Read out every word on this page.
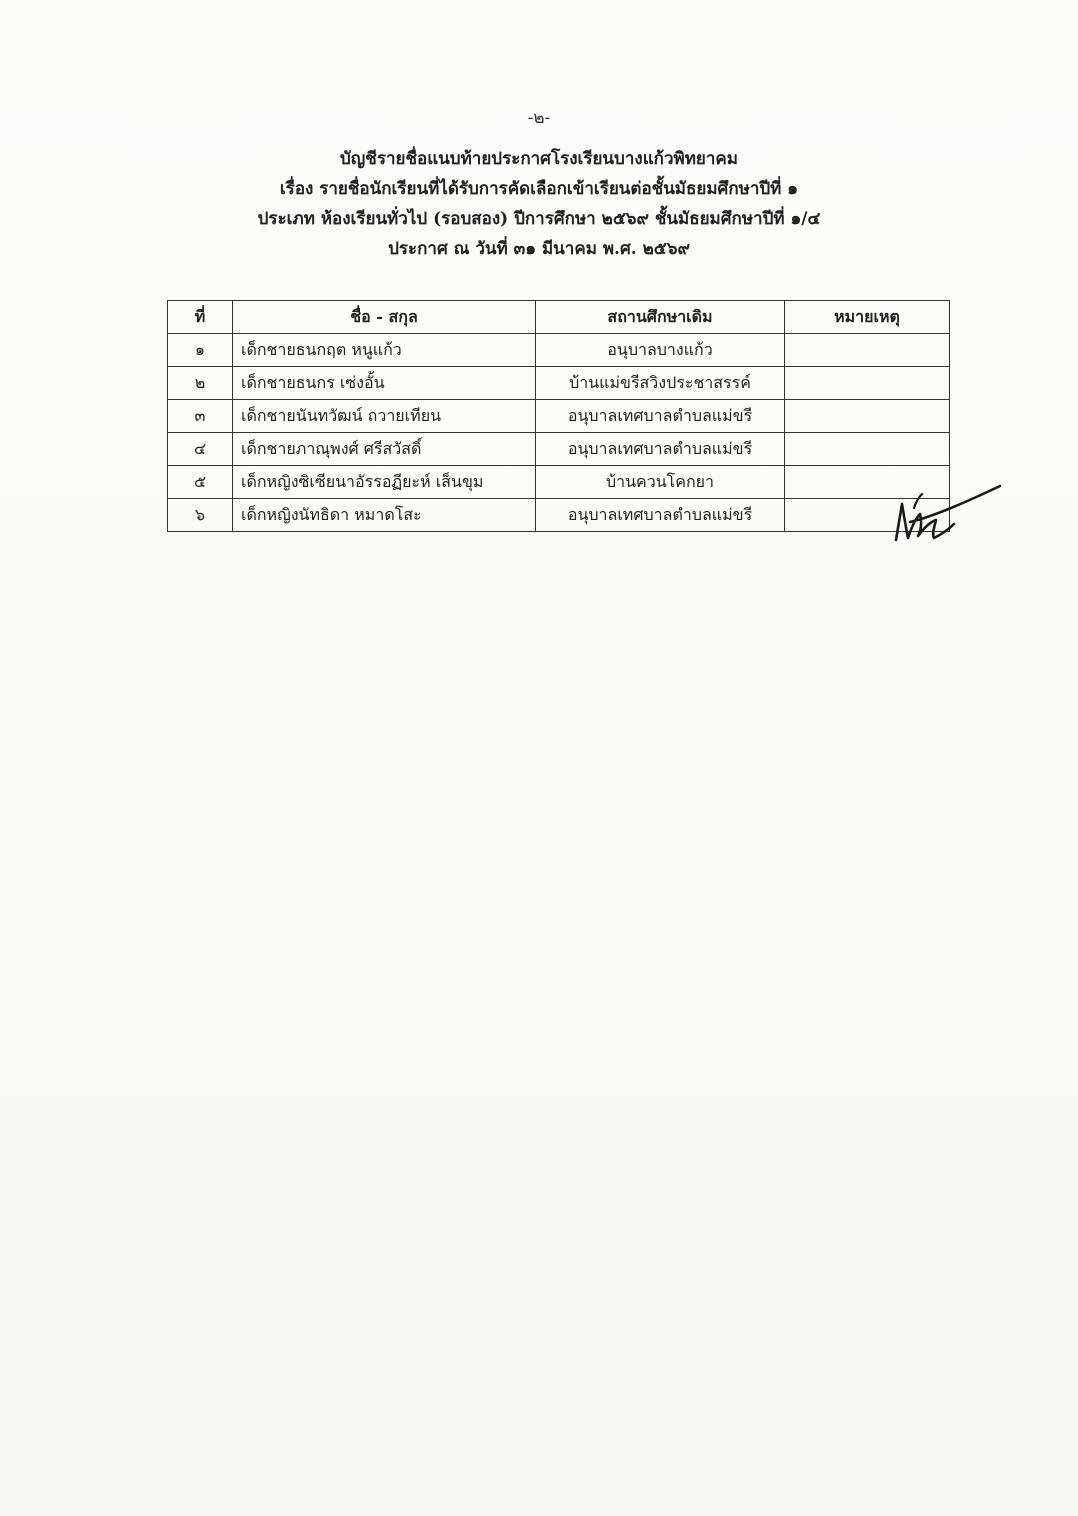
-๒-
บัญชีรายชื่อแนบท้ายประกาศโรงเรียนบางแก้วพิทยาคม
เรื่อง รายชื่อนักเรียนที่ได้รับการคัดเลือกเข้าเรียนต่อชั้นมัธยมศึกษาปีที่ ๑
ประเภท ห้องเรียนทั่วไป (รอบสอง) ปีการศึกษา ๒๕๖๙ ชั้นมัธยมศึกษาปีที่ ๑/๔
ประกาศ ณ วันที่ ๓๑ มีนาคม พ.ศ. ๒๕๖๙
ที่	ชื่อ - สกุล	สถานศึกษาเดิม	หมายเหตุ
๑	เด็กชายธนกฤต หนูแก้ว	อนุบาลบางแก้ว	
๒	เด็กชายธนกร เซ่งอั้น	บ้านแม่ขรีสวิงประชาสรรค์	
๓	เด็กชายนันทวัฒน์ ถวายเทียน	อนุบาลเทศบาลตำบลแม่ขรี	
๔	เด็กชายภาณุพงศ์ ศรีสวัสดิ์	อนุบาลเทศบาลตำบลแม่ขรี	
๕	เด็กหญิงซิเซียนาอัรรอฏียะห์ เส็นขุม	บ้านควนโคกยา	
๖	เด็กหญิงนัทธิดา หมาดโสะ	อนุบาลเทศบาลตำบลแม่ขรี	
